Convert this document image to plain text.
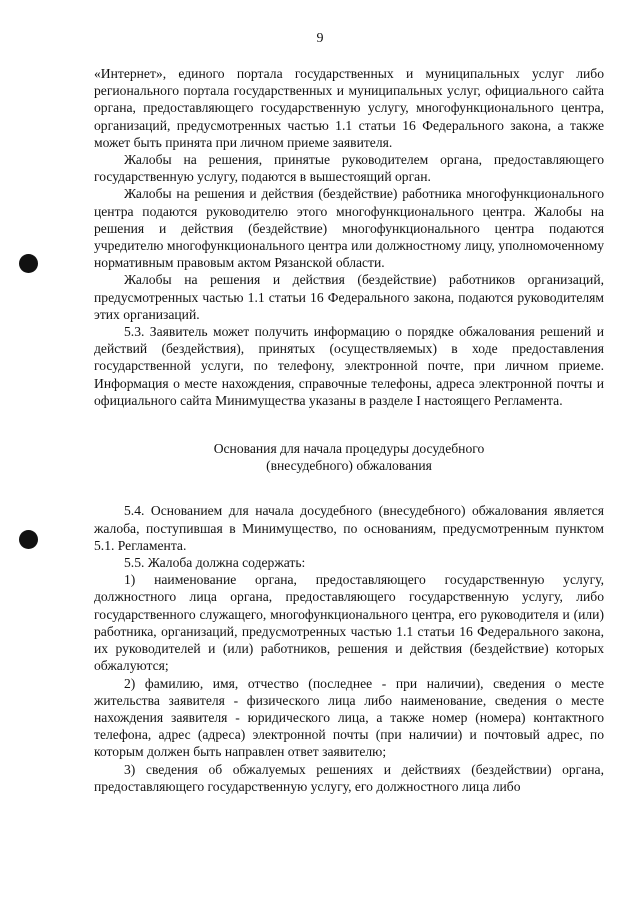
9

«Интернет», единого портала государственных и муниципальных услуг либо регионального портала государственных и муниципальных услуг, официального сайта органа, предоставляющего государственную услугу, многофункционального центра, организаций, предусмотренных частью 1.1 статьи 16 Федерального закона, а также может быть принята при личном приеме заявителя.

Жалобы на решения, принятые руководителем органа, предоставляющего государственную услугу, подаются в вышестоящий орган.

Жалобы на решения и действия (бездействие) работника многофункционального центра подаются руководителю этого многофункционального центра. Жалобы на решения и действия (бездействие) многофункционального центра подаются учредителю многофункционального центра или должностному лицу, уполномоченному нормативным правовым актом Рязанской области.

Жалобы на решения и действия (бездействие) работников организаций, предусмотренных частью 1.1 статьи 16 Федерального закона, подаются руководителям этих организаций.

5.3. Заявитель может получить информацию о порядке обжалования решений и действий (бездействия), принятых (осуществляемых) в ходе предоставления государственной услуги, по телефону, электронной почте, при личном приеме. Информация о месте нахождения, справочные телефоны, адреса электронной почты и официального сайта Минимущества указаны в разделе I настоящего Регламента.

Основания для начала процедуры досудебного
(внесудебного) обжалования

5.4. Основанием для начала досудебного (внесудебного) обжалования является жалоба, поступившая в Минимущество, по основаниям, предусмотренным пунктом 5.1. Регламента.

5.5. Жалоба должна содержать:

1) наименование органа, предоставляющего государственную услугу, должностного лица органа, предоставляющего государственную услугу, либо государственного служащего, многофункционального центра, его руководителя и (или) работника, организаций, предусмотренных частью 1.1 статьи 16 Федерального закона, их руководителей и (или) работников, решения и действия (бездействие) которых обжалуются;

2) фамилию, имя, отчество (последнее - при наличии), сведения о месте жительства заявителя - физического лица либо наименование, сведения о месте нахождения заявителя - юридического лица, а также номер (номера) контактного телефона, адрес (адреса) электронной почты (при наличии) и почтовый адрес, по которым должен быть направлен ответ заявителю;

3) сведения об обжалуемых решениях и действиях (бездействии) органа, предоставляющего государственную услугу, его должностного лица либо
